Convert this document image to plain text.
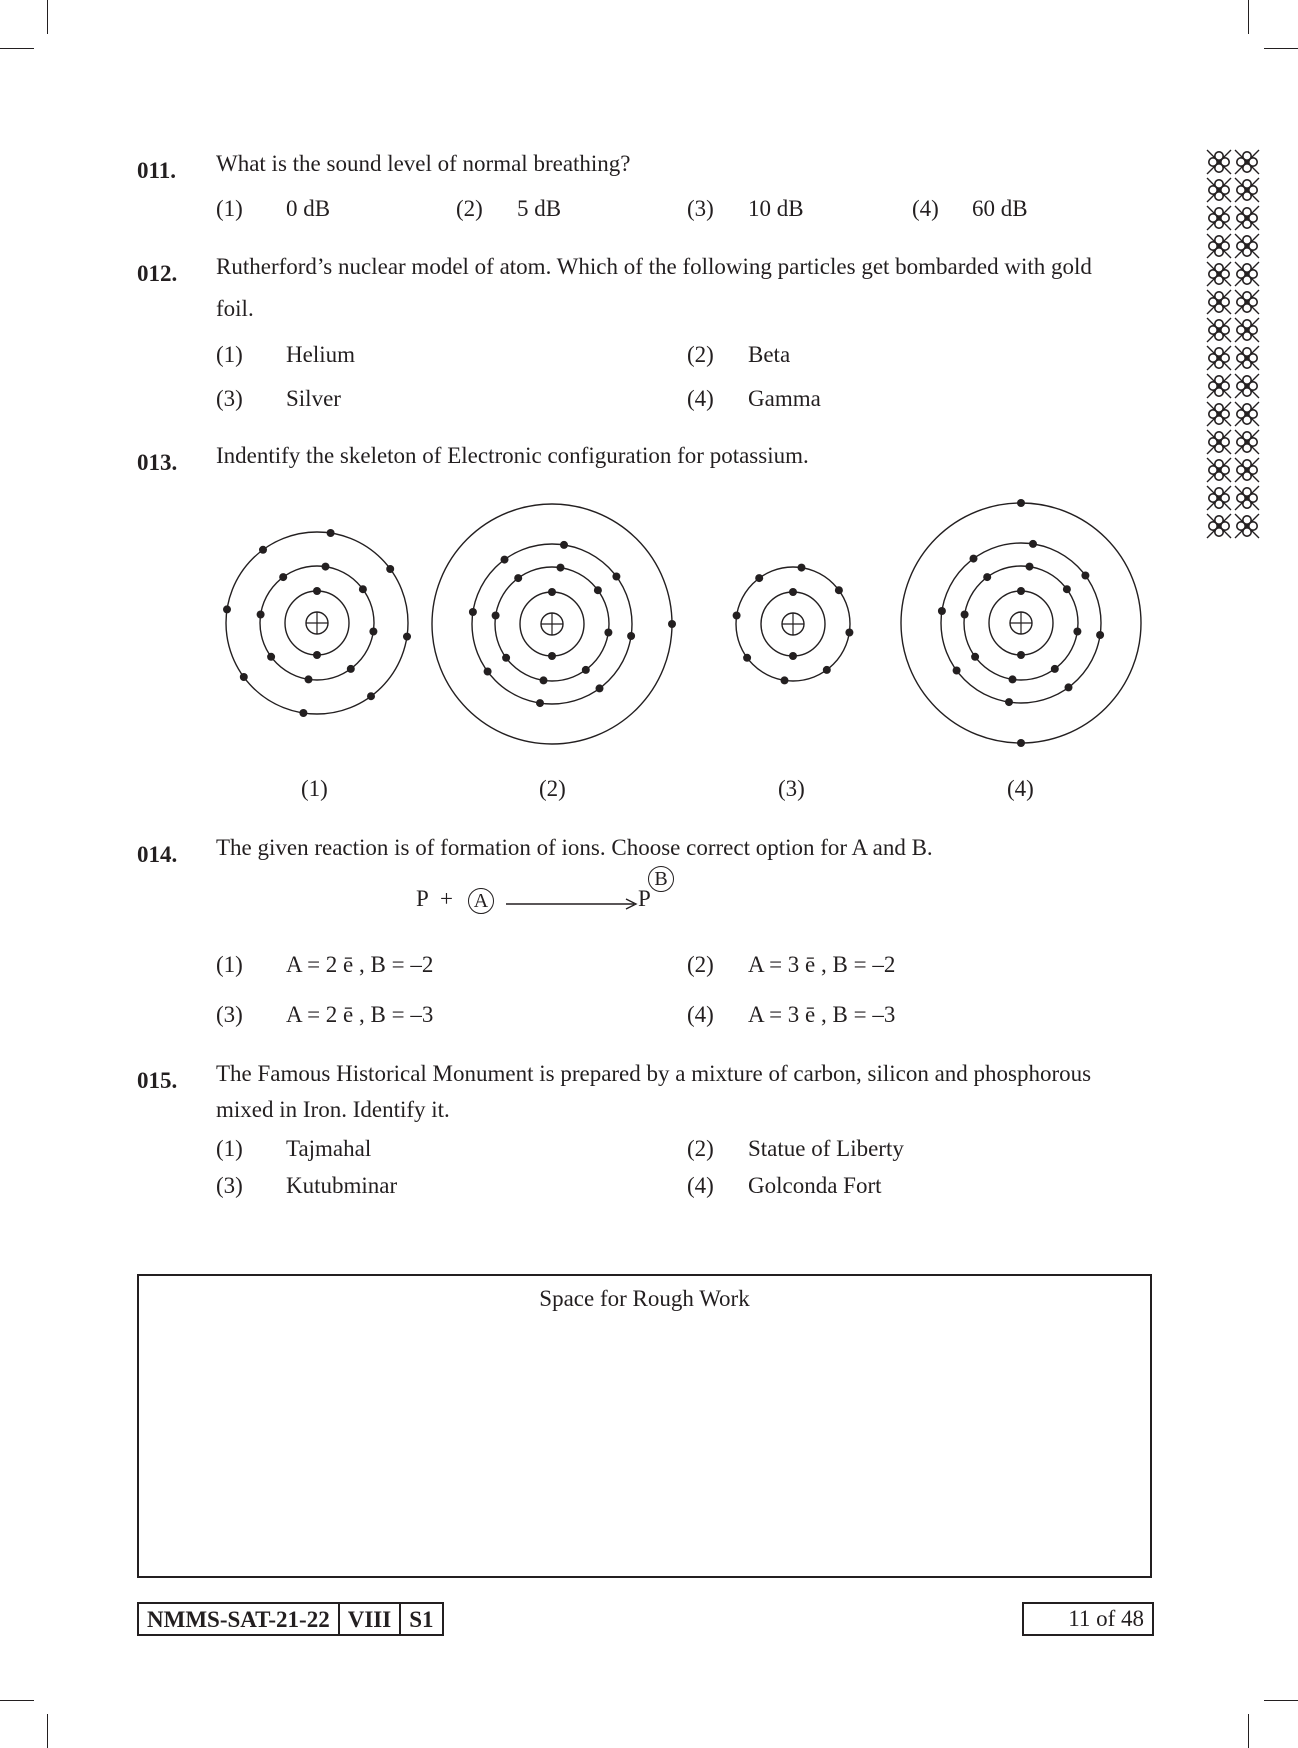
011. What is the sound level of normal breathing?
(1) 0 dB	(2) 5 dB	(3) 10 dB	(4) 60 dB
012. Rutherford’s nuclear model of atom. Which of the following particles get bombarded with gold
foil.
(1) Helium	(2) Beta
(3) Silver	(4) Gamma
013. Indentify the skeleton of Electronic configuration for potassium.
(1)	(2)	(3)	(4)
014. The given reaction is of formation of ions. Choose correct option for A and B.
P + A	P
B
(1) A = 2 ē , B = –2	(2) A = 3 ē , B = –2
(3) A = 2 ē , B = –3	(4) A = 3 ē , B = –3
015. The Famous Historical Monument is prepared by a mixture of carbon, silicon and phosphorous
mixed in Iron. Identify it.
(1) Tajmahal	(2) Statue of Liberty
(3) Kutubminar	(4) Golconda Fort
Space for Rough Work
NMMS-SAT-21-22 VIII S1	11 of 48
